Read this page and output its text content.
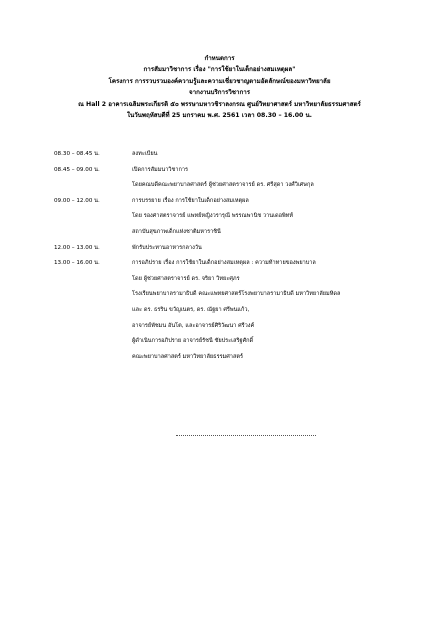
กำหนดการ
การสัมมาวิชาการ เรื่อง "การใช้ยาในเด็กอย่างสมเหตุผล"
โครงการ การรวบรวมองค์ความรู้และความเชี่ยวชาญตามอัตลักษณ์ของมหาวิทยาลัย
จากงานบริการวิชาการ
ณ Hall 2 อาคารเฉลิมพระเกียรติ ๕๐ พรรษามหาวชิราลงกรณ ศูนย์วิทยาศาสตร์ มหาวิทยาลัยธรรมศาสตร์
ในวันพฤหัสบดีที่ 25 มกราคม พ.ศ. 2561 เวลา 08.30 – 16.00 น.
08.30 – 08.45 น.	ลงทะเบียน
08.45 – 09.00 น.	เปิดการสัมมนาวิชาการ
โดยคณบดีคณะพยาบาลศาสตร์ ผู้ช่วยศาสตราจารย์ ดร. ศรีสุดา วงศ์วิเศษกุล
09.00 – 12.00 น.	การบรรยาย เรื่อง การใช้ยาในเด็กอย่างสมเหตุผล
โดย รองศาสตราจารย์ แพทย์หญิงวรารุณี พรรณพานิช วานเดอพิทท์
สถาบันสุขภาพเด็กแห่งชาติมหาราชินี
12.00 – 13.00 น.	พักรับประทานอาหารกลางวัน
13.00 – 16.00 น.	การอภิปราย เรื่อง การใช้ยาในเด็กอย่างสมเหตุผล : ความท้าทายของพยาบาล
โดย ผู้ช่วยศาสตราจารย์ ดร. จริยา วิทยะศุภร
โรงเรียนพยาบาลรามาธิบดี คณะแพทยศาสตร์โรงพยาบาลรามาธิบดี มหาวิทยาลัยมหิดล
และ ดร. ธรริน ขวัญเนตร, ดร. ณัฐยา ศรีพนแก้ว,
อาจารย์พัชมน อันโต, และอาจารย์ศิริวัฒนา ศรีวงค์
ผู้ดำเนินการอภิปราย อาจารย์รัชนี ชัยประเสริฐศักดิ์
คณะพยาบาลศาสตร์ มหาวิทยาลัยธรรมศาสตร์
